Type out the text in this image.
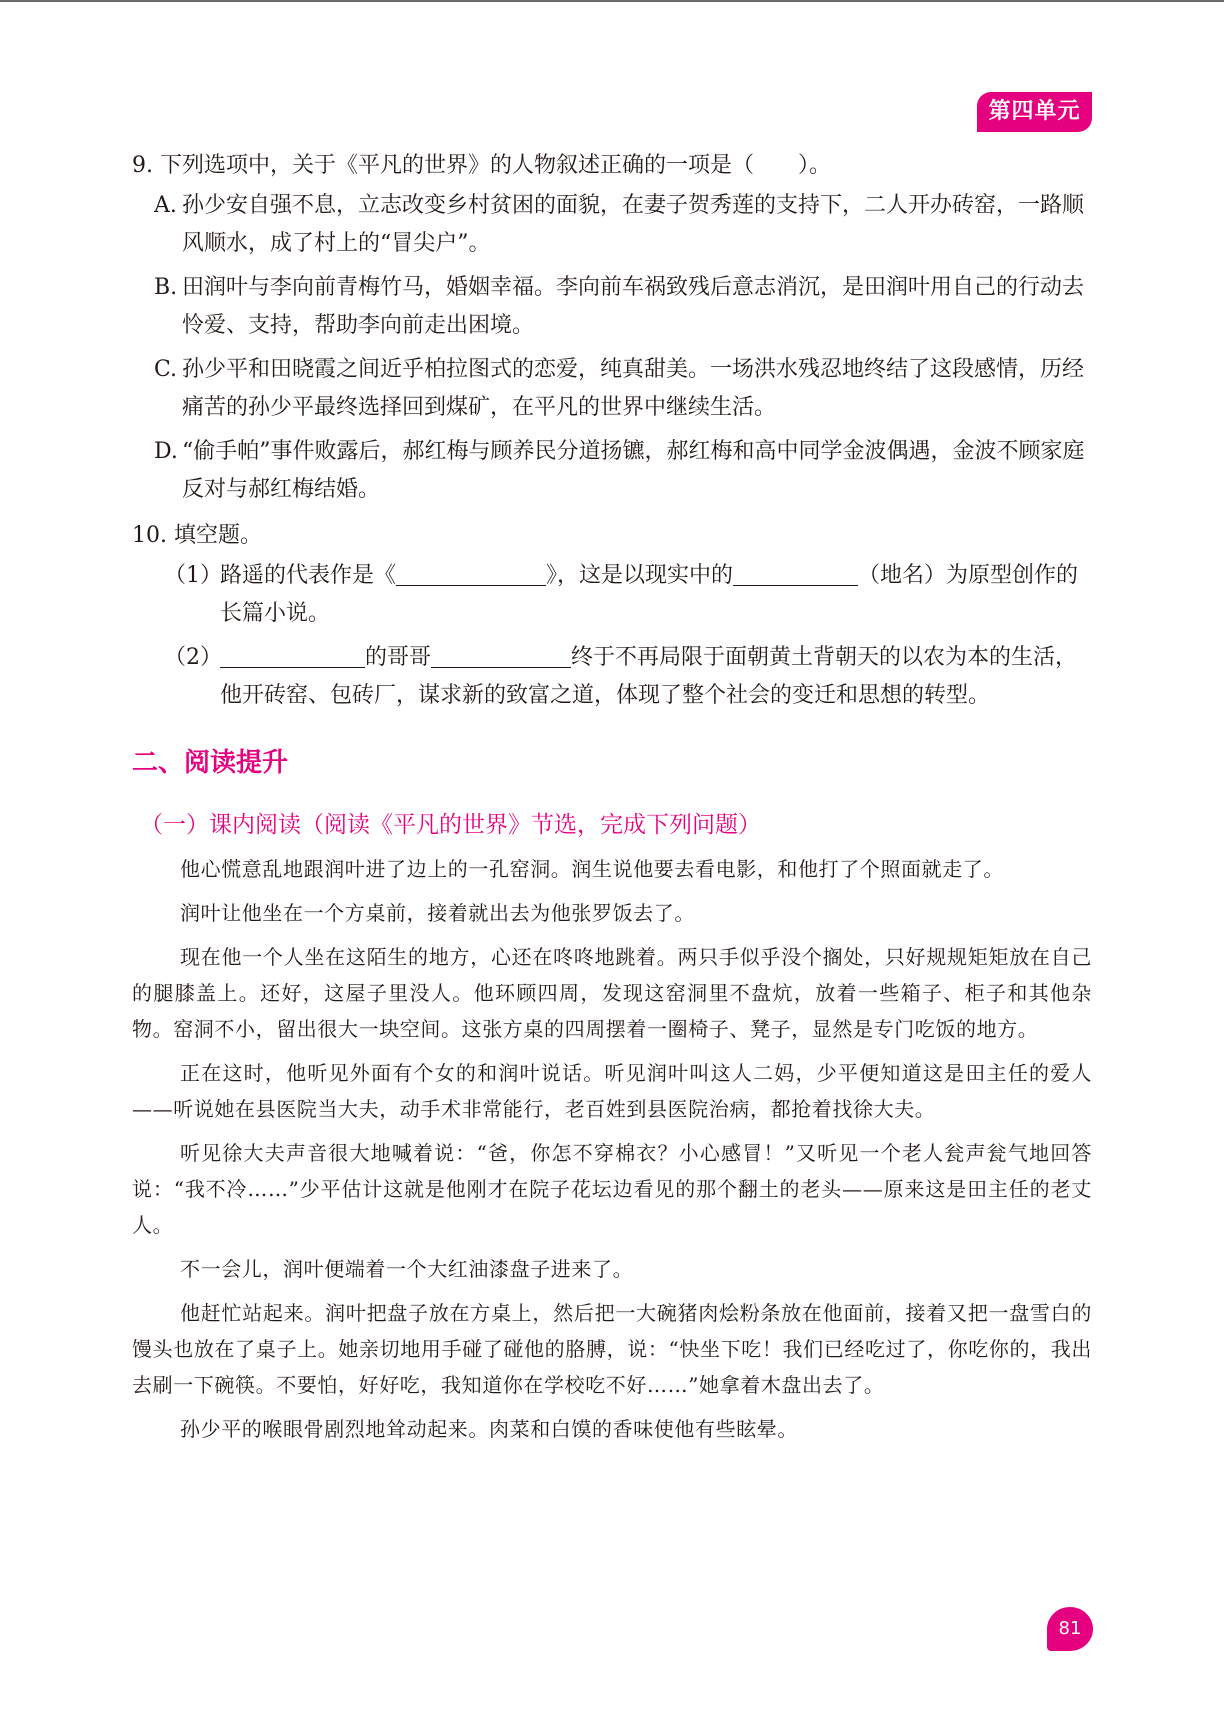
第四单元

9. 下列选项中，关于《平凡的世界》的人物叙述正确的一项是（　　）。

A. 孙少安自强不息，立志改变乡村贫困的面貌，在妻子贺秀莲的支持下，二人开办砖窑，一路顺风顺水，成了村上的“冒尖户”。
B. 田润叶与李向前青梅竹马，婚姻幸福。李向前车祸致残后意志消沉，是田润叶用自己的行动去怜爱、支持，帮助李向前走出困境。
C. 孙少平和田晓霞之间近乎柏拉图式的恋爱，纯真甜美。一场洪水残忍地终结了这段感情，历经痛苦的孙少平最终选择回到煤矿，在平凡的世界中继续生活。
D. “偷手帕”事件败露后，郝红梅与顾养民分道扬镳，郝红梅和高中同学金波偶遇，金波不顾家庭反对与郝红梅结婚。

10. 填空题。

（1）
路遥的代表作是《	》，这是以现实中的	（地名）为原型创作的长篇小说。
（2）	的哥哥	终于不再局限于面朝黄土背朝天的以农为本的生活，他开砖窑、包砖厂，谋求新的致富之道，体现了整个社会的变迁和思想的转型。
二、阅读提升
（一）课内阅读（阅读《平凡的世界》节选，完成下列问题）

他心慌意乱地跟润叶进了边上的一孔窑洞。润生说他要去看电影，和他打了个照面就走了。

润叶让他坐在一个方桌前，接着就出去为他张罗饭去了。

现在他一个人坐在这陌生的地方，心还在咚咚地跳着。两只手似乎没个搁处，只好规规矩矩放在自己的腿膝盖上。还好，这屋子里没人。他环顾四周，发现这窑洞里不盘炕，放着一些箱子、柜子和其他杂物。窑洞不小，留出很大一块空间。这张方桌的四周摆着一圈椅子、凳子，显然是专门吃饭的地方。

正在这时，他听见外面有个女的和润叶说话。听见润叶叫这人二妈，少平便知道这是田主任的爱人——听说她在县医院当大夫，动手术非常能行，老百姓到县医院治病，都抢着找徐大夫。

听见徐大夫声音很大地喊着说：“爸，你怎不穿棉衣？小心感冒！”又听见一个老人瓮声瓮气地回答说：“我不冷……”少平估计这就是他刚才在院子花坛边看见的那个翻土的老头——原来这是田主任的老丈人。

不一会儿，润叶便端着一个大红油漆盘子进来了。

他赶忙站起来。润叶把盘子放在方桌上，然后把一大碗猪肉烩粉条放在他面前，接着又把一盘雪白的馒头也放在了桌子上。她亲切地用手碰了碰他的胳膊，说：“快坐下吃！我们已经吃过了，你吃你的，我出去刷一下碗筷。不要怕，好好吃，我知道你在学校吃不好……”她拿着木盘出去了。

孙少平的喉眼骨剧烈地耸动起来。肉菜和白馍的香味使他有些眩晕。

81
